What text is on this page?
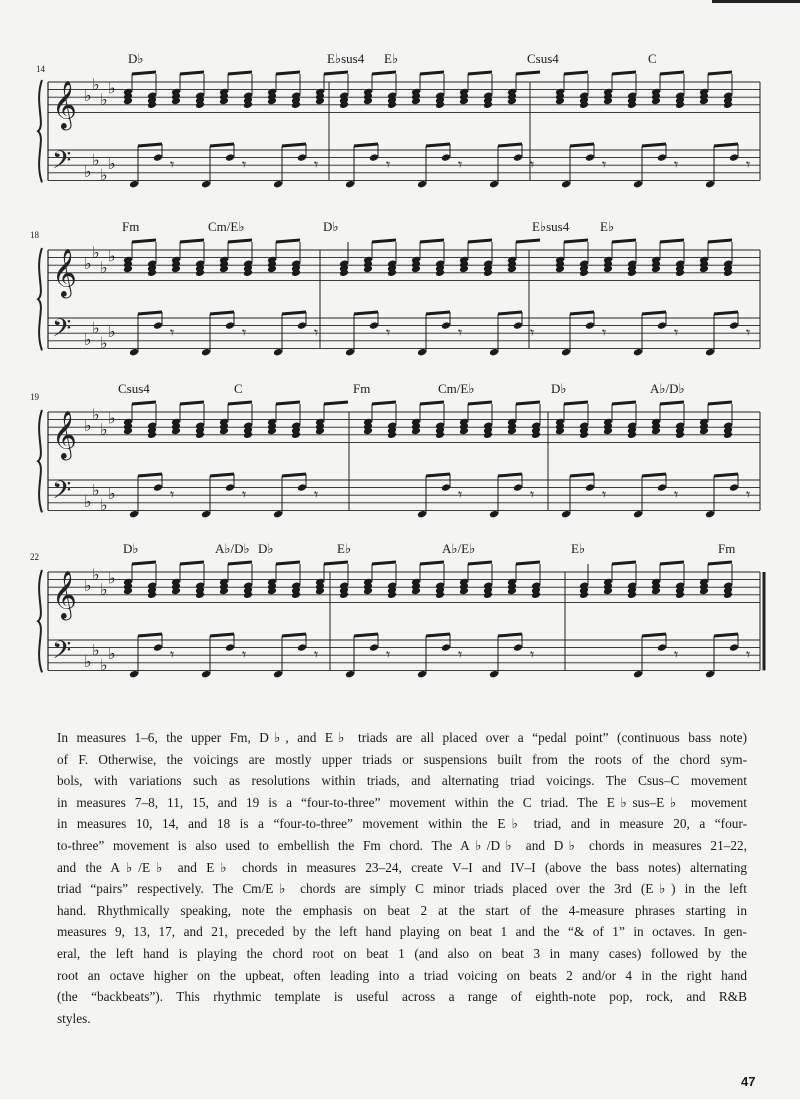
14
D♭	E♭sus4 E♭	Csus4	C
𝄞
𝄢
♭
♭
♭
♭
♭
♭
♭
♭	𝄾	𝄾	𝄾	𝄾	𝄾	𝄾	𝄾	𝄾	𝄾
18
Fm	Cm/E♭	D♭	E♭sus4 E♭
𝄞
𝄢
♭
♭
♭
♭
♭
♭
♭
♭	𝄾	𝄾	𝄾	𝄾	𝄾	𝄾	𝄾	𝄾	𝄾
19
Csus4	C	Fm	Cm/E♭	D♭	A♭/D♭
𝄞
𝄢
♭
♭
♭
♭
♭
♭
♭
♭	𝄾	𝄾	𝄾	𝄾	𝄾	𝄾	𝄾	𝄾
22
D♭	A♭/D♭ D♭	E♭	A♭/E♭	E♭	Fm
𝄞
𝄢
♭
♭
♭
♭
♭
♭
♭
♭	𝄾	𝄾	𝄾	𝄾	𝄾	𝄾	𝄾	𝄾

In measures 1–6, the upper Fm, D♭, and E♭ triads are all placed over a “pedal point” (continuous bass note)
of F. Otherwise, the voicings are mostly upper triads or suspensions built from the roots of the chord sym-
bols, with variations such as resolutions within triads, and alternating triad voicings. The Csus–C movement
in measures 7–8, 11, 15, and 19 is a “four-to-three” movement within the C triad. The E♭sus–E♭ movement
in measures 10, 14, and 18 is a “four-to-three” movement within the E♭ triad, and in measure 20, a “four-
to-three” movement is also used to embellish the Fm chord. The A♭/D♭ and D♭ chords in measures 21–22,
and the A♭/E♭ and E♭ chords in measures 23–24, create V–I and IV–I (above the bass notes) alternating
triad “pairs” respectively. The Cm/E♭ chords are simply C minor triads placed over the 3rd (E♭) in the left
hand. Rhythmically speaking, note the emphasis on beat 2 at the start of the 4-measure phrases starting in
measures 9, 13, 17, and 21, preceded by the left hand playing on beat 1 and the “& of 1” in octaves. In gen-
eral, the left hand is playing the chord root on beat 1 (and also on beat 3 in many cases) followed by the
root an octave higher on the upbeat, often leading into a triad voicing on beats 2 and/or 4 in the right hand
(the “backbeats”). This rhythmic template is useful across a range of eighth-note pop, rock, and R&B
styles.

47
